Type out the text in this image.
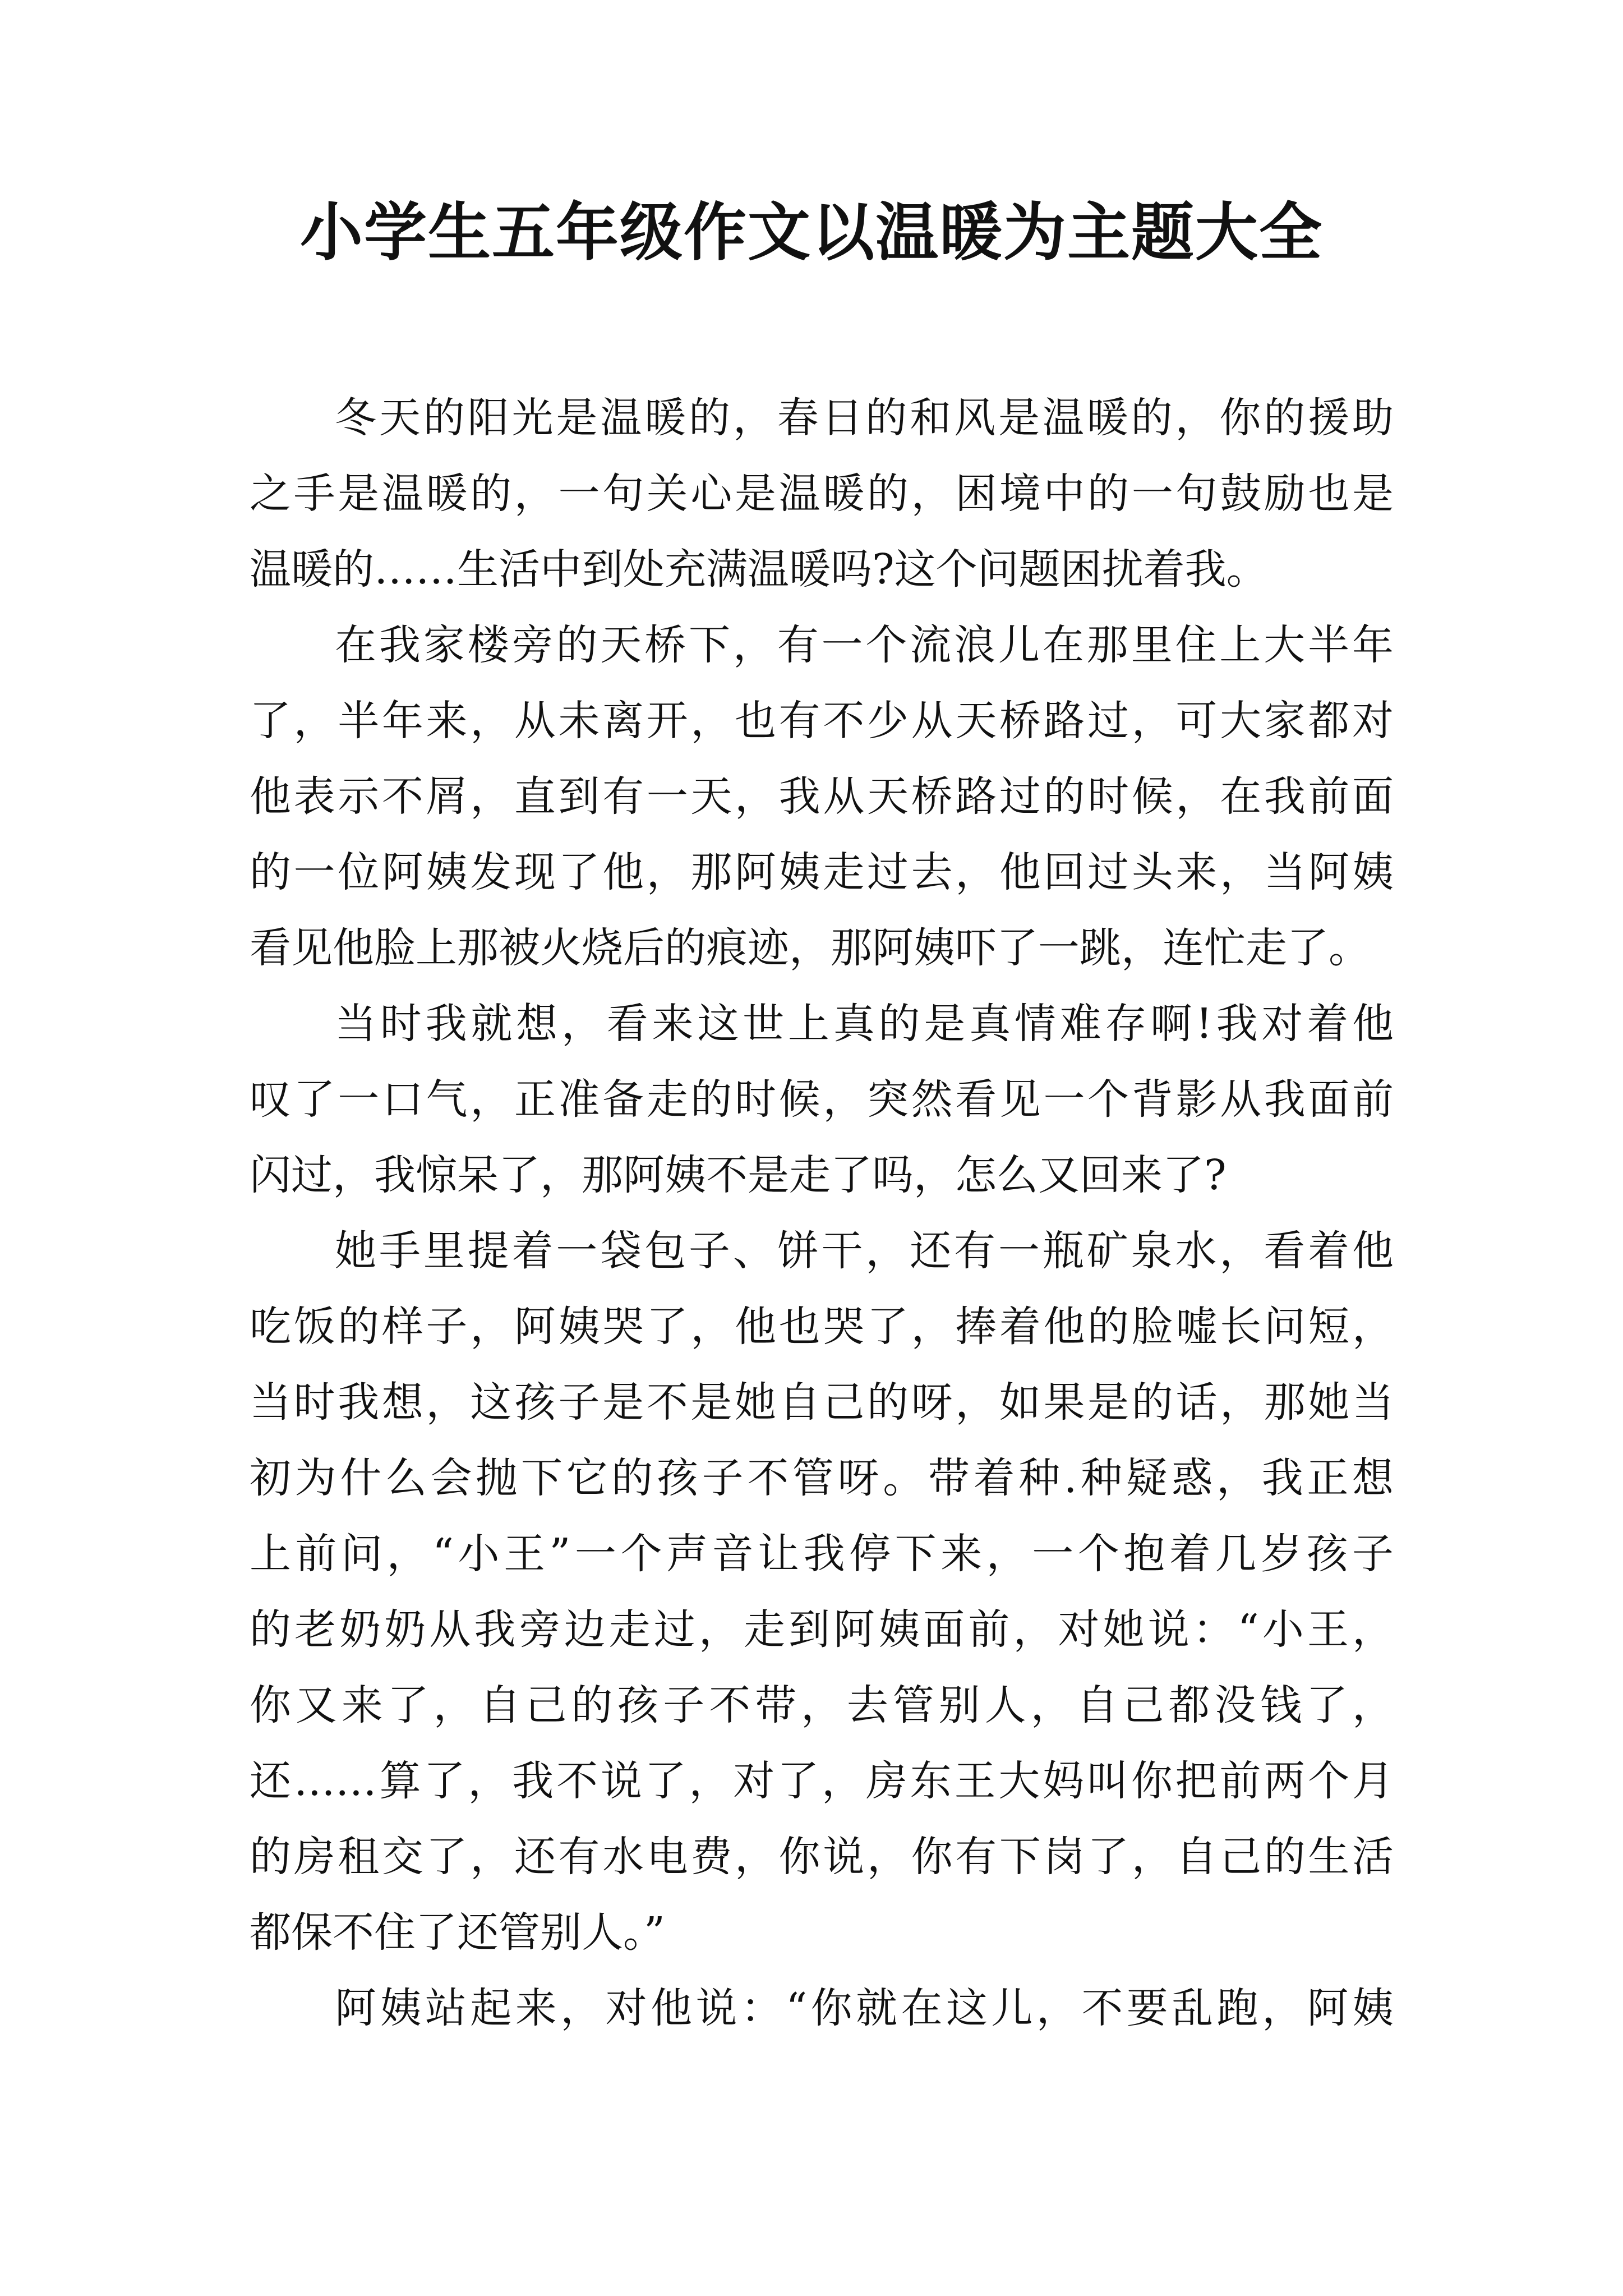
小学生五年级作文以温暖为主题大全
冬天的阳光是温暖的，春日的和风是温暖的，你的援助
之手是温暖的，一句关心是温暖的，困境中的一句鼓励也是
温暖的……生活中到处充满温暖吗?这个问题困扰着我。
在我家楼旁的天桥下，有一个流浪儿在那里住上大半年
了，半年来，从未离开，也有不少从天桥路过，可大家都对
他表示不屑，直到有一天，我从天桥路过的时候，在我前面
的一位阿姨发现了他，那阿姨走过去，他回过头来，当阿姨
看见他脸上那被火烧后的痕迹，那阿姨吓了一跳，连忙走了。
当时我就想，看来这世上真的是真情难存啊!我对着他
叹了一口气，正准备走的时候，突然看见一个背影从我面前
闪过，我惊呆了，那阿姨不是走了吗，怎么又回来了?
她手里提着一袋包子、饼干，还有一瓶矿泉水，看着他
吃饭的样子，阿姨哭了，他也哭了，捧着他的脸嘘长问短，
当时我想，这孩子是不是她自己的呀，如果是的话，那她当
初为什么会抛下它的孩子不管呀。带着种.种疑惑，我正想
上前问，“小王”一个声音让我停下来，一个抱着几岁孩子
的老奶奶从我旁边走过，走到阿姨面前，对她说：“小王，
你又来了，自己的孩子不带，去管别人，自己都没钱了，
还……算了，我不说了，对了，房东王大妈叫你把前两个月
的房租交了，还有水电费，你说，你有下岗了，自己的生活
都保不住了还管别人。”
阿姨站起来，对他说：“你就在这儿，不要乱跑，阿姨
